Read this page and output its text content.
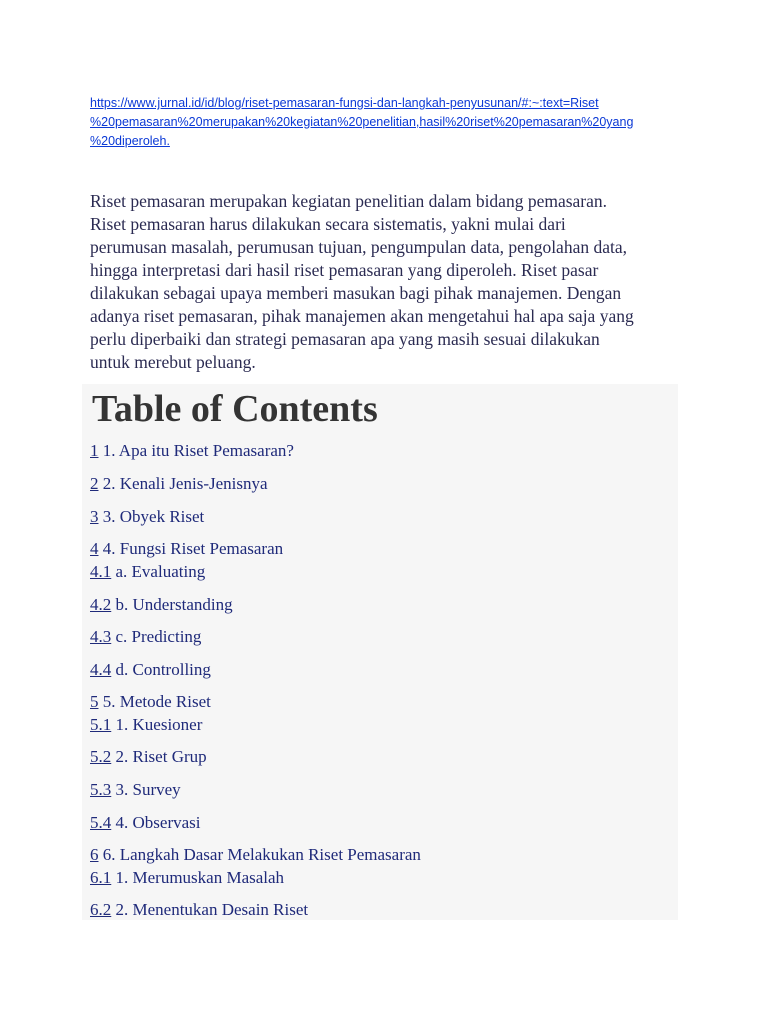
https://www.jurnal.id/id/blog/riset-pemasaran-fungsi-dan-langkah-penyusunan/#:~:text=Riset
%20pemasaran%20merupakan%20kegiatan%20penelitian,hasil%20riset%20pemasaran%20yang
%20diperoleh.

Riset pemasaran merupakan kegiatan penelitian dalam bidang pemasaran.
Riset pemasaran harus dilakukan secara sistematis, yakni mulai dari
perumusan masalah, perumusan tujuan, pengumpulan data, pengolahan data,
hingga interpretasi dari hasil riset pemasaran yang diperoleh. Riset pasar
dilakukan sebagai upaya memberi masukan bagi pihak manajemen. Dengan
adanya riset pemasaran, pihak manajemen akan mengetahui hal apa saja yang
perlu diperbaiki dan strategi pemasaran apa yang masih sesuai dilakukan
untuk merebut peluang.

Table of Contents
1 1. Apa itu Riset Pemasaran?
2 2. Kenali Jenis-Jenisnya
3 3. Obyek Riset
4 4. Fungsi Riset Pemasaran
4.1 a. Evaluating
4.2 b. Understanding
4.3 c. Predicting
4.4 d. Controlling
5 5. Metode Riset
5.1 1. Kuesioner
5.2 2. Riset Grup
5.3 3. Survey
5.4 4. Observasi
6 6. Langkah Dasar Melakukan Riset Pemasaran
6.1 1. Merumuskan Masalah
6.2 2. Menentukan Desain Riset
